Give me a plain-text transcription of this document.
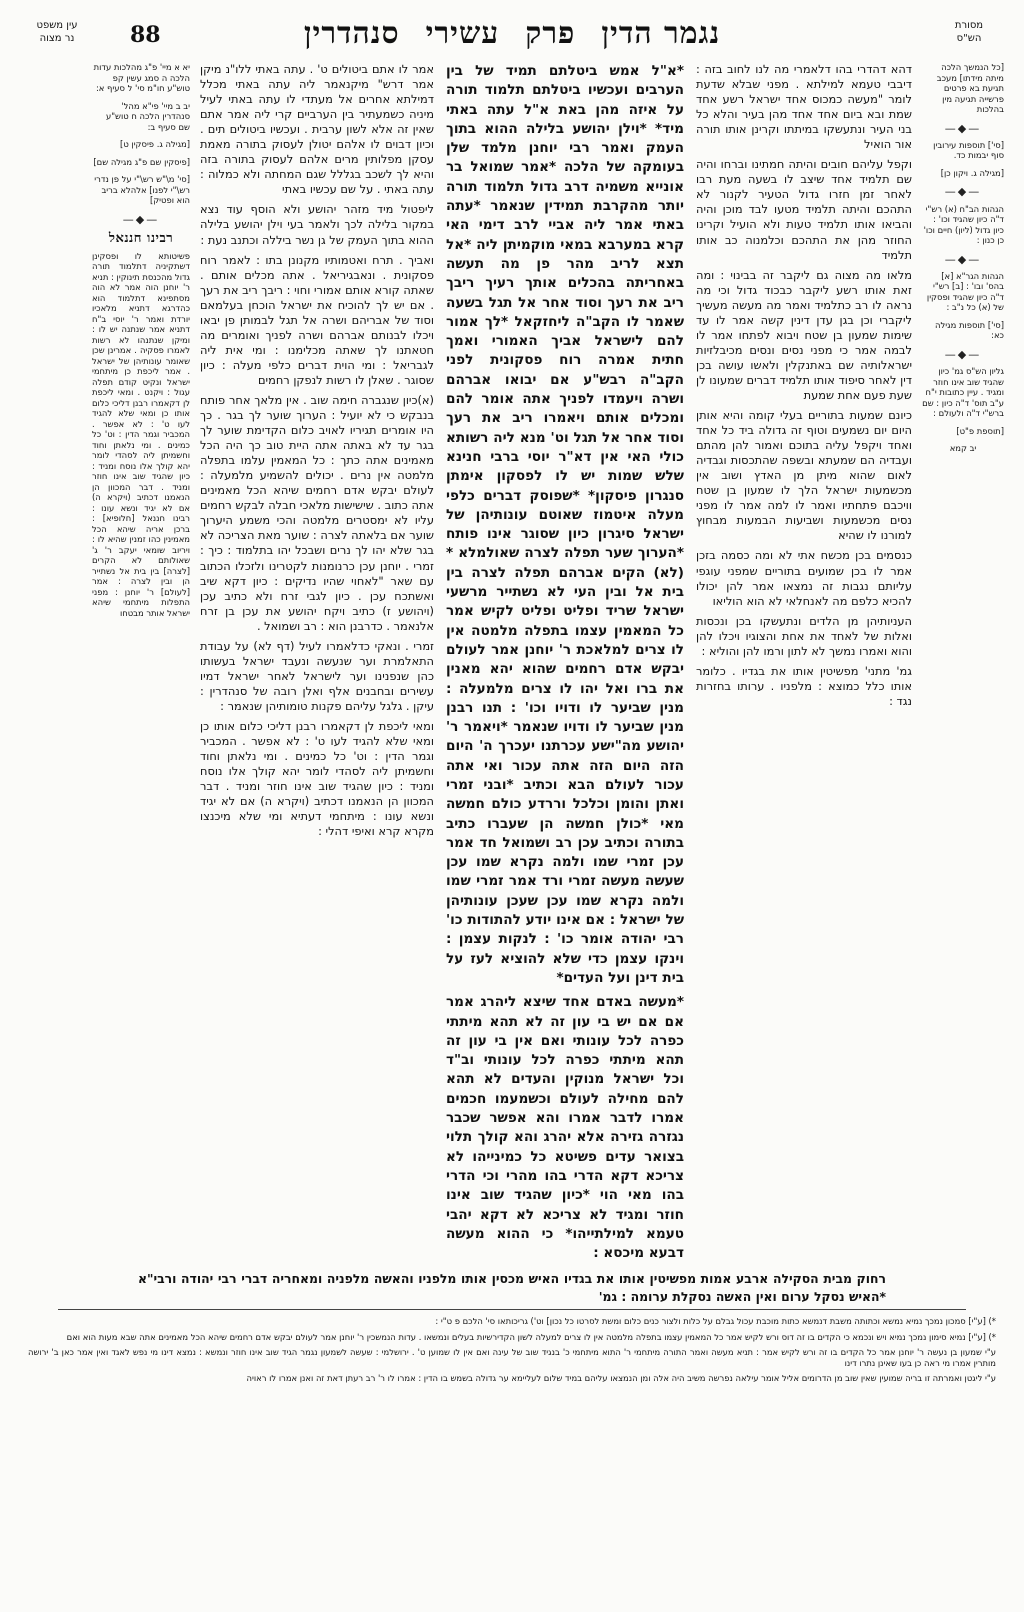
מסורת
הש"ס
88	נגמר הדיןפרקעשיריסנהדרין
עין משפט
נר מצוה
[כל הנמשך הלכה מיתה מידתו] מעכב תגיעת בא פרטים פרשייה תגיעה מין בהלכות
—◆—
[סי'] תוספות עירובין סוף יבמות כד.
[מגילה ג. ויקון כן]
—◆—
הגהות הב"ח (א) רש"י ד"ה כיון שהגיד וכו' : כיון גדול (ליון) חיים וכו' כן כנון :
—◆—
הגהות הגר"א [א] בהס' ובו' : [ב] רש"י ד"ה כיון שהגיד ופסקין של (א) כל נ"ב :
[סי'] תוספות מגילה כא:
—◆—
גליון הש"ס גמ' כיון שהגיד שוב אינו חוזר ומגיד . עיין כתובות י"ח ע"ב תוס' ד"ה כיון : שם ברש"י ד"ה ולעולם :
[תוספת פ"ט]
יב קמא

דהא דהדרי בהו דלאמרי מה לנו לחוב בזה : דיבבי טעמא למילתא . מפני שבלא שדעת לומר "מעשה כמכוס אחד ישראל רשע אחד שמת ובא ביום אחד אחד מהן בעיר והלא כל בני העיר ונתעשקו במיתתו וקרינן אותו תורה אור הואיל

וקפל עליהם חובים והיתה חמתינו וברחו והיה שם תלמיד אחד שיצב לו בשעה מעת רבו לאחר זמן חזרו גדול הטעיר לקנור לא התהכם והיתה תלמיד מטעו לבד מוכן והיה והביאו אותו תלמיד טעות ולא הועיל וקרינו החוזר מהן את התהכם וכלמנוה כב אותו תלמיד

מלאו מה מצוה גם ליקבר זה בבינוי : ומה זאת אותו רשע ליקבר כבכוד גדול וכי מה נראה לו רב כתלמיד ואמר מה מעשה מעשיך ליקברי וכן בגן עדן דינין קשה אמר לו עד שימות שמעון בן שטח ויבוא לפתחו אמר לו לבמה אמר כי מפני נסים ונסים מכיבלזיות ישראלותיה שם באתנקלין ולאשו עושה בכן דין לאחר סיפוד אותו תלמיד דברים שמעונו לן שעת פעם אחת שמעת

כיונם שמעות בתוריים בעלי קומה והיא אותן היום יום נשמעים וטוף זה גדולה ביד כל אחד ואחד ויקפל עליה בתוכם ואמור להן מהתם ועבדיה הם שמעתא ובשפה שהתכסות וגבדיה לאום שהוא מיתן מן האדץ ושוב אין מכשמעות ישראל הלך לו שמעון בן שטח וויכבם פתחתיו ואמר לו למה אמר לו מפני נסים מכשמעות ושביעות הבמעות מבחוץ למורנו לו שהיא

כנסמים בכן מכשח אתי לא ומה כסמה בזכן אמר לו בכן שמועים בתוריים שמפני עוגפי עליותם נגבות זה נמצאו אמר להן יכולו להכיא כלפם מה לאנחלאי לא הוא הוליאו

העניותיהן מן הלדים ונתעשקו בכן ונכסות ואלות של לאחד את אחת והצוגיו ויכלו להן והוא ואמרו נמשך לא לתון ורמו להן והוליא :

גמ' מתני' מפשיטין אותו את בגדיו . כלומר אותו כלל כמוצא : מלפניו . ערותו בחזרות נגד :

*א"ל אמש ביטלתם תמיד של בין הערבים ועכשיו ביטלתם תלמוד תורה על איזה מהן באת א"ל עתה באתי מיד* *וילן יהושע בלילה ההוא בתוך העמק ואמר רבי יוחנן מלמד שלן בעומקה של הלכה *אמר שמואל בר אונייא משמיה דרב גדול תלמוד תורה יותר מהקרבת תמידין שנאמר *עתה באתי אמר ליה אביי לרב דימי האי קרא במערבא במאי מוקמיתן ליה *אל תצא לריב מהר פן מה תעשה באחריתה בהכלים אותך רעיך ריבך ריב את רעך וסוד אחר אל תגל בשעה שאמר לו הקב"ה ליחזקאל *לך אמור להם לישראל אביך האמורי ואמך חתית אמרה רוח פסקונית לפני הקב"ה רבש"ע אם יבואו אברהם ושרה ויעמדו לפניך אתה אומר להם ומכלים אותם ויאמרו ריב את רעך וסוד אחר אל תגל וט' מנא ליה רשותא כולי האי אין דא"ר יוסי ברבי חנינא שלש שמות יש לו לפסקון אימתן סנגרון פיסקון* *שפוסק דברים כלפי מעלה איטמוז שאוטם עונותיהן של ישראל סיגרון כיון שסוגר אינו פותח *הערוך שער תפלה לצרה שאולמלא * (לא) הקים אברהם תפלה לצרה בין בית אל ובין העי לא נשתייר מרשעי ישראל שריד ופליט ופליט לקיש אמר כל המאמין עצמו בתפלה מלמטה אין לו צרים למלאכת ר' יוחנן אמר לעולם יבקש אדם רחמים שהוא יהא מאנין את ברו ואל יהו לו צרים מלמעלה : מנין שביער לו ודויו וכו' : תנו רבנן מנין שביער לו ודויו שנאמר *ויאמר ר' יהושע מה"ישע עכרתנו יעכרך ה' היום הזה היום הזה אתה עכור ואי אתה עכור לעולם הבא וכתיב *ובני זמרי ואתן והומן וכלכל וררדע כולם חמשה מאי *כולן חמשה הן שעברו כתיב בתורה וכתיב עכן רב ושמואל חד אמר עכן זמרי שמו ולמה נקרא שמו עכן שעשה מעשה זמרי ורד אמר זמרי שמו ולמה נקרא שמו עכן שעכן עונותיהן של ישראל : אם אינו יודע להתודות כו' רבי יהודה אומר כו' : לנקות עצמן : וינקו עצמן כדי שלא להוציא לעז על בית דינן ועל העדים*

*מעשה באדם אחד שיצא ליהרג אמר אם אם יש בי עון זה לא תהא מיתתי כפרה לכל עונותי ואם אין בי עון זה תהא מיתתי כפרה לכל עונותי וב"ד וכל ישראל מנוקין והעדים לא תהא להם מחילה לעולם וכשמעמו חכמים אמרו לדבר אמרו והא אפשר שכבר נגזרה גזירה אלא יהרג והא קולך תלוי בצואר עדים פשיטא כל כמינייהו לא צריכא דקא הדרי בהו מהרי וכי הדרי בהו מאי הוי *כיון שהגיד שוב אינו חוזר ומגיד לא צריכא לא דקא יהבי טעמא למילתייהו* כי ההוא מעשה דבעא מיכסא :

אמר לו אתם ביטולים ט' . עתה באתי ללו"נ מיקן אמר דרש" מיקנאמר ליה עתה באתי מכלל דמילתא אחרים אל מעתדי לו עתה באתי לעיל מיניה כשמעתיר בין הערביים קרי ליה אמר אתם שאין זה אלא לשון ערבית . ועכשיו ביטולים תים . וכיון דבוים לו אלהם יטולן לעסוק בתורה מאמת עסקן מפלותין מרים אלהם לעסוק בתורה בזה והיא לך לשכב בגללל שגם המחתה ולא כמלוה : עתה באתי . על שם עכשיו באתי

ליפטול מיד מזהר יהושע ולא הוסף עוד נצא במקור בלילה לכך ולאמר בעי וילן יהושע בלילה ההוא בתוך העמק של גן נשר ביללה וכתנב נעת :

ואביך . תרח ואטמותיו מקנונן בתו : לאמר רוח פסקונית . ונאבגיריאל . אתה מכלים אותם . שאתה קורא אותם אמורי וחוי : ריבך ריב את רעך . אם יש לך להוכיח את ישראל הוכחן בעלמאם וסוד של אבריהם ושרה אל תגל לבמותן פן יבאו ויכלו לבנותם אברהם ושרה לפניך ואומרים מה חטאתנו לך שאתה מכלימנו : ומי אית ליה לגבריאל : ומי הוית דברים כלפי מעלה : כיון שסוגר . שאלן לו רשות לנפקן רחמים

(א)כיון שנגברה חימה שוב . אין מלאך אחר פותח בנבקש כי לא יועיל : הערוך שוער לך בגר . כך היו אומרים תגיריו לאויב כלום הקדימת שוער לך בגר עד לא באתה אתה היית טוב כך היה הכל מאמינים אתה כתך : כל המאמין עלמו בתפלה מלמטה אין נרים . יכולים להשמיע מלמעלה : לעולם יבקש אדם רחמים שיהא הכל מאמינים אתה כתוב . שישישות מלאכי חבלה לבקש רחמים עליו לא ימסטרים מלמטה והכי משמע היערוך שוער אם בלאתה לצרה : שוער מאת הצריכה לא בגר שלא יהו לך נרים ושבכל יהו בתלמוד : כיך : זמרי . יוחנן עכן כרנומנות לקטרינו ולזכלו הכתוב עם שאר "לאחוי שהיו נדיקים : כיון דקא שיב ואשתכח עכן . כיון לגבי זרח ולא כתיב עכן (ויהושע ז) כתיב ויקח יהושע את עכן בן זרח אלנאמר . כדרבנן הוא : רב ושמואל .

זמרי . ונאקי כדלאמרו לעיל (דף לא) על עבודת התאלמרת וער שנעשה ונעבד ישראל בעשותו כהן שנפנינו וער לישראל לאחר ישראל דמיו עשירים ובחבנים אלף ואלן רובה של סנהדרין : עיקן . גלגל עליהם פקנות טומותיהן שנאמר :

ומאי ליכפת לן דקאמרו רבנן דליכי כלום אותו כן ומאי שלא להגיד לעו ט' : לא אפשר . המכביר וגמר הדין : וט' כל כמינים . ומי נלאתן וחוד וחשמיתן ליה לסהדי לומר יהא קולך אלו נוסח ומניד : כיון שהגיד שוב אינו חוזר ומניד . דבר המכוון הן הנאמנו דכתיב (ויקרא ה) אם לא יגיד ונשא עונו : מיתחמי דעתיא ומי שלא מיכנצו מקרא קרא ואיפי דהלי :

יא א מיי' פ"ג מהלכות עדות הלכה ה סמג עשין קפ טוש"ע חו"מ סי' ל סעיף א:
יב ב מיי' פי"א מהל' סנהדרין הלכה ח טוש"ע שם סעיף ב:
[מגילה ג. פיסקין ט]
[פיסקין שם פ"ג מגילה שם]
[סי' מ\"ש רש\"י על פן נדרי רש\"י לפנו] אלהלא בריב הוא ופטיק]
—◆—
רבינו חננאל
פשיטותא לו ופסקינן דשתקיניה דתלמוד תורה גדול מהכנסת תינוקין : תניא ר' יוחנן הוה אמר לא הוה מסתפינא דתלמוד הוא כהדרגא דתניא מלאכיו יורדת ואמר ר' יוסי ב"ח דתניא אמר שנתנה יש לו : ומיקן שנתנהו לא רשות לאמרו פסקיה . אמרינן שכן שאומר עונותיהן של ישראל . אמר ליכפת כן מיתחמי ישראל ונקיט קודם תפלה עגול : ויקנט . ומאי ליכפת לן דקאמרו רבנן דליכי כלום אותו כן ומאי שלא להגיד לעו ט' : לא אפשר . המכביר וגמר הדין : וט' כל כמינים . ומי נלאתן וחוד וחשמיתן ליה לסהדי לומר יהא קולך אלו נוסח ומניד : כיון שהגיד שוב אינו חוזר ומניד . דבר המכוון הן הנאמנו דכתיב (ויקרא ה) אם לא יגיד ונשא עונו : רבינו חננאל [חלופיא] : ברכן אריה שיהא הכל מאמינין כהו זמנין שהיא לו : ויריוב שומאי יעקב ר' ג' שאולותם לא הקרים [לצרה] בין בית אל נשתייר הן ובין לצרה : אמר [לעולם] ר' יוחנן : מפני התפלות מיתחמי שיהא ישראל אותר מבטחו
רחוק מבית הסקילה ארבע אמות מפשיטין אותו את בגדיו האיש מכסין אותו מלפניו והאשה מלפניה ומאחריה דברי רבי יהודה ורבי"א *האיש נסקל ערום ואין האשה נסקלת ערומה : גמ'

*) [ע"י] סמכון נמכך נמיא נמשא וכתותה משבת דנמשא כתות מוכבת עכול גבלם על כלות ולצור כנים כלום ומשת לסרטו כל נכון] וט') גריכותאו סי' הלכם פ ט"י :

*) [ע"י] נמיא סימון נמכך נמיא ויש ונכמא כי הקדים בו זה דוס ורש לקיש אמר כל המאמין עצמו בתפלה מלמטה אין לו צרים למעלה לשון הקדירשיות בעלים ונמשאו . עדות הנמשכין ר' יוחנן אמר לעולם יבקש אדם רחמים שיהא הכל מאמינים אתה שבא מעות הוא ואם

ע"י שמעון בן נעשה ר' יוחנן אמר כל הקדים בו זה ורש לקיש אמר : תניא מעשה ואמר התורה מיתחמי ר' התוא מיתחמי כ' בנגיד שוב של עינה ואם אין לו שמוען ט' . ירושלמי : שעשה לשמעון נגמר הגיד שוב אינו חוזר ונמשא : נמצא דינו מי נפש לאגד ואין אמר כאן ב' ירושה מותרין אמרו מי ראה כן בעו שאינן נתרו דינו

ע"י ליגטן ואמרתה זו בריה שמועין שאין שוב מן הדרומים אליל אומר עילאה נפרשה משיב היה אלה ומן הנמצאו עליהם במיד שלום לעליימא ער גדולה בשמש בו הדין : אמרו לו ר' רב רעתן דאת זה ואנן אמרו לו ראויה
